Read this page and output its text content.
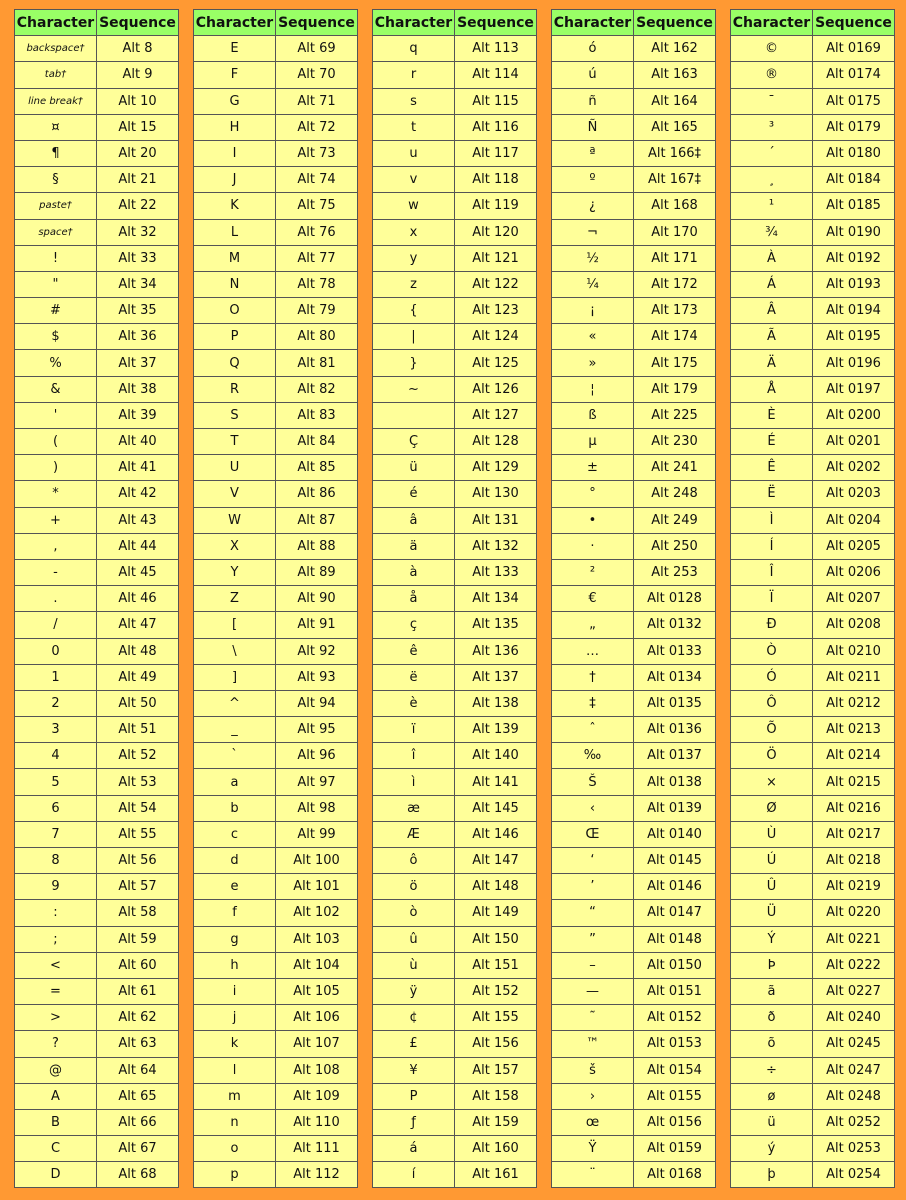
Character	Sequence
backspace†	Alt 8
tab†	Alt 9
line break†	Alt 10
¤	Alt 15
¶	Alt 20
§	Alt 21
paste†	Alt 22
space†	Alt 32
!	Alt 33
"	Alt 34
#	Alt 35
$	Alt 36
%	Alt 37
&	Alt 38
'	Alt 39
(	Alt 40
)	Alt 41
*	Alt 42
+	Alt 43
,	Alt 44
-	Alt 45
.	Alt 46
/	Alt 47
0	Alt 48
1	Alt 49
2	Alt 50
3	Alt 51
4	Alt 52
5	Alt 53
6	Alt 54
7	Alt 55
8	Alt 56
9	Alt 57
:	Alt 58
;	Alt 59
<	Alt 60
=	Alt 61
>	Alt 62
?	Alt 63
@	Alt 64
A	Alt 65
B	Alt 66
C	Alt 67
D	Alt 68
Character	Sequence
E	Alt 69
F	Alt 70
G	Alt 71
H	Alt 72
I	Alt 73
J	Alt 74
K	Alt 75
L	Alt 76
M	Alt 77
N	Alt 78
O	Alt 79
P	Alt 80
Q	Alt 81
R	Alt 82
S	Alt 83
T	Alt 84
U	Alt 85
V	Alt 86
W	Alt 87
X	Alt 88
Y	Alt 89
Z	Alt 90
[	Alt 91
\	Alt 92
]	Alt 93
^	Alt 94
_	Alt 95
`	Alt 96
a	Alt 97
b	Alt 98
c	Alt 99
d	Alt 100
e	Alt 101
f	Alt 102
g	Alt 103
h	Alt 104
i	Alt 105
j	Alt 106
k	Alt 107
l	Alt 108
m	Alt 109
n	Alt 110
o	Alt 111
p	Alt 112
Character	Sequence
q	Alt 113
r	Alt 114
s	Alt 115
t	Alt 116
u	Alt 117
v	Alt 118
w	Alt 119
x	Alt 120
y	Alt 121
z	Alt 122
{	Alt 123
|	Alt 124
}	Alt 125
~	Alt 126
	Alt 127
Ç	Alt 128
ü	Alt 129
é	Alt 130
â	Alt 131
ä	Alt 132
à	Alt 133
å	Alt 134
ç	Alt 135
ê	Alt 136
ë	Alt 137
è	Alt 138
ï	Alt 139
î	Alt 140
ì	Alt 141
æ	Alt 145
Æ	Alt 146
ô	Alt 147
ö	Alt 148
ò	Alt 149
û	Alt 150
ù	Alt 151
ÿ	Alt 152
¢	Alt 155
£	Alt 156
¥	Alt 157
P	Alt 158
ƒ	Alt 159
á	Alt 160
í	Alt 161
Character	Sequence
ó	Alt 162
ú	Alt 163
ñ	Alt 164
Ñ	Alt 165
ª	Alt 166‡
º	Alt 167‡
¿	Alt 168
¬	Alt 170
½	Alt 171
¼	Alt 172
¡	Alt 173
«	Alt 174
»	Alt 175
¦	Alt 179
ß	Alt 225
µ	Alt 230
±	Alt 241
°	Alt 248
•	Alt 249
·	Alt 250
²	Alt 253
€	Alt 0128
„	Alt 0132
…	Alt 0133
†	Alt 0134
‡	Alt 0135
ˆ	Alt 0136
‰	Alt 0137
Š	Alt 0138
‹	Alt 0139
Œ	Alt 0140
‘	Alt 0145
’	Alt 0146
“	Alt 0147
”	Alt 0148
–	Alt 0150
—	Alt 0151
˜	Alt 0152
™	Alt 0153
š	Alt 0154
›	Alt 0155
œ	Alt 0156
Ÿ	Alt 0159
¨	Alt 0168
Character	Sequence
©	Alt 0169
®	Alt 0174
¯	Alt 0175
³	Alt 0179
´	Alt 0180
¸	Alt 0184
¹	Alt 0185
¾	Alt 0190
À	Alt 0192
Á	Alt 0193
Â	Alt 0194
Ã	Alt 0195
Ä	Alt 0196
Å	Alt 0197
È	Alt 0200
É	Alt 0201
Ê	Alt 0202
Ë	Alt 0203
Ì	Alt 0204
Í	Alt 0205
Î	Alt 0206
Ï	Alt 0207
Ð	Alt 0208
Ò	Alt 0210
Ó	Alt 0211
Ô	Alt 0212
Õ	Alt 0213
Ö	Alt 0214
×	Alt 0215
Ø	Alt 0216
Ù	Alt 0217
Ú	Alt 0218
Û	Alt 0219
Ü	Alt 0220
Ý	Alt 0221
Þ	Alt 0222
ã	Alt 0227
ð	Alt 0240
õ	Alt 0245
÷	Alt 0247
ø	Alt 0248
ü	Alt 0252
ý	Alt 0253
þ	Alt 0254
